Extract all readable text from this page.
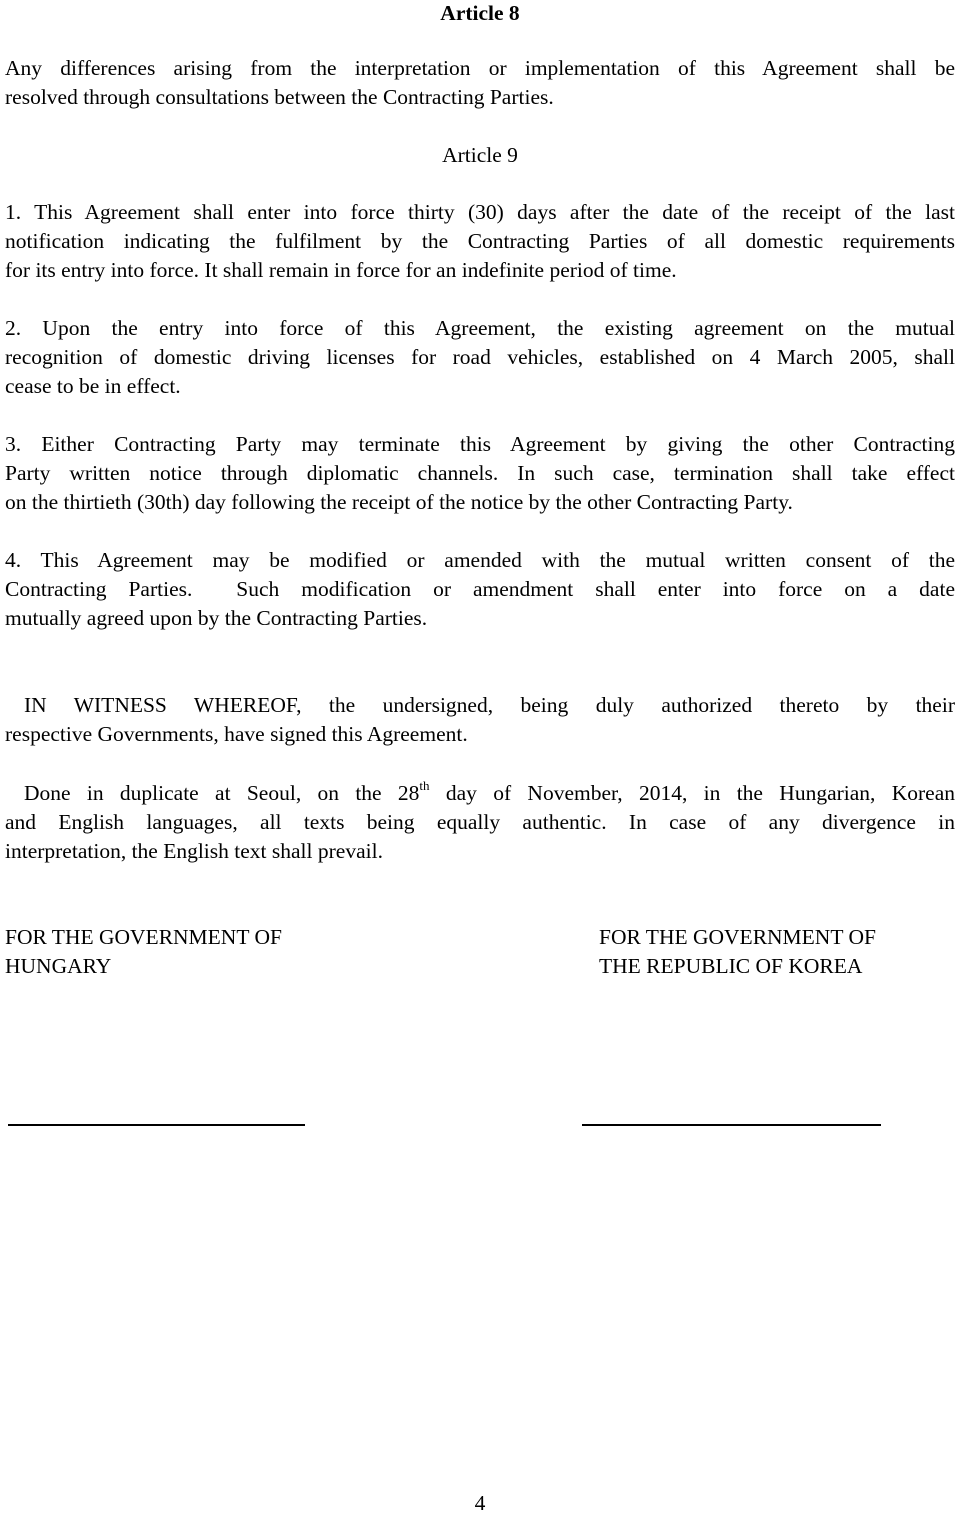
Article 8
Any differences arising from the interpretation or implementation of this Agreement shall be
resolved through consultations between the Contracting Parties.
Article 9
1. This Agreement shall enter into force thirty (30) days after the date of the receipt of the last
notification indicating the fulfilment by the Contracting Parties of all domestic requirements
for its entry into force. It shall remain in force for an indefinite period of time.
2. Upon the entry into force of this Agreement, the existing agreement on the mutual
recognition of domestic driving licenses for road vehicles, established on 4 March 2005, shall
cease to be in effect.
3. Either Contracting Party may terminate this Agreement by giving the other Contracting
Party written notice through diplomatic channels. In such case, termination shall take effect
on the thirtieth (30th) day following the receipt of the notice by the other Contracting Party.
4. This Agreement may be modified or amended with the mutual written consent of the
Contracting Parties.  Such modification or amendment shall enter into force on a date
mutually agreed upon by the Contracting Parties.
IN WITNESS WHEREOF, the undersigned, being duly authorized thereto by their
respective Governments, have signed this Agreement.
Done in duplicate at Seoul, on the 28th day of November, 2014, in the Hungarian, Korean
and English languages, all texts being equally authentic. In case of any divergence in
interpretation, the English text shall prevail.
FOR THE GOVERNMENT OF
HUNGARY
FOR THE GOVERNMENT OF
THE REPUBLIC OF KOREA
4
